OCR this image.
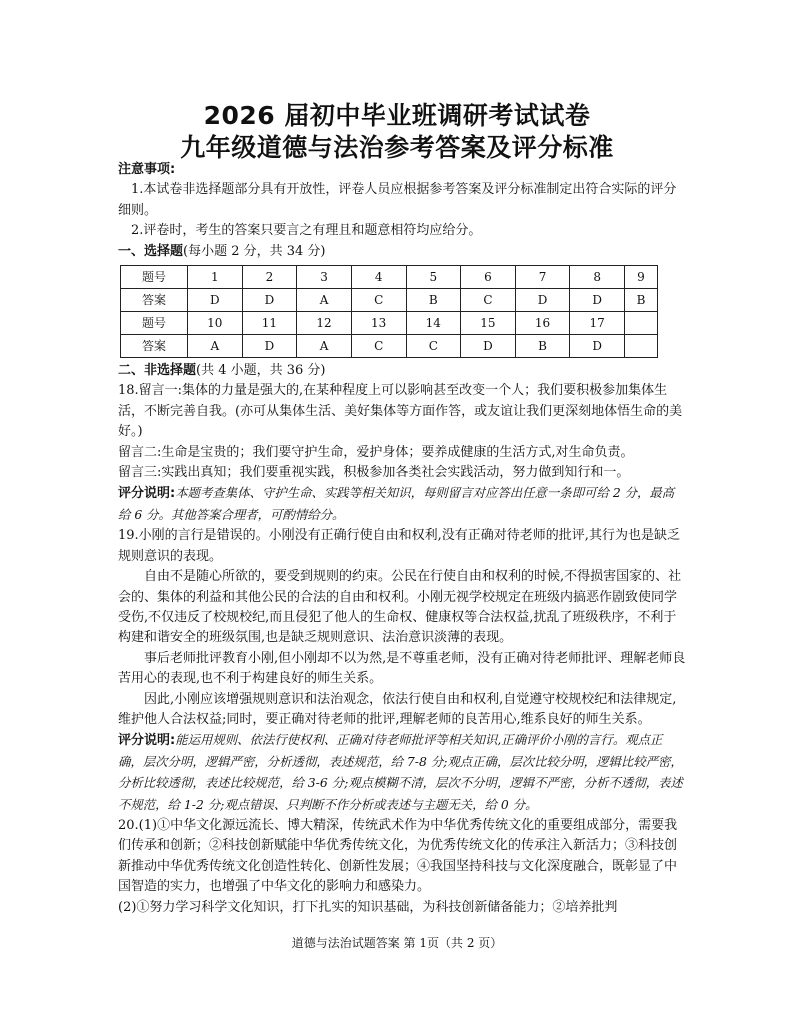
2026 届初中毕业班调研考试试卷
九年级道德与法治参考答案及评分标准

注意事项:

1.本试卷非选择题部分具有开放性，评卷人员应根据参考答案及评分标准制定出符合实际的评分细则。

2.评卷时，考生的答案只要言之有理且和题意相符均应给分。

一、选择题(每小题 2 分，共 34 分)

题号	1	2	3	4	5	6	7	8	9
答案	D	D	A	C	B	C	D	D	B
题号	10	11	12	13	14	15	16	17	
答案	A	D	A	C	C	D	B	D	

二、非选择题(共 4 小题，共 36 分)

18.留言一:集体的力量是强大的,在某种程度上可以影响甚至改变一个人；我们要积极参加集体生活，不断完善自我。(亦可从集体生活、美好集体等方面作答，或友谊让我们更深刻地体悟生命的美好。)

留言二:生命是宝贵的；我们要守护生命，爱护身体；要养成健康的生活方式,对生命负责。

留言三:实践出真知；我们要重视实践，积极参加各类社会实践活动，努力做到知行和一。

评分说明:本题考查集体、守护生命、实践等相关知识，每则留言对应答出任意一条即可给 2 分，最高给 6 分。其他答案合理者，可酌情给分。

19.小刚的言行是错误的。小刚没有正确行使自由和权利,没有正确对待老师的批评,其行为也是缺乏规则意识的表现。

自由不是随心所欲的，要受到规则的约束。公民在行使自由和权利的时候,不得损害国家的、社会的、集体的利益和其他公民的合法的自由和权利。小刚无视学校规定在班级内搞恶作剧致使同学受伤,不仅违反了校规校纪,而且侵犯了他人的生命权、健康权等合法权益,扰乱了班级秩序，不利于构建和谐安全的班级氛围,也是缺乏规则意识、法治意识淡薄的表现。

事后老师批评教育小刚,但小刚却不以为然,是不尊重老师，没有正确对待老师批评、理解老师良苦用心的表现,也不利于构建良好的师生关系。

因此,小刚应该增强规则意识和法治观念，依法行使自由和权利,自觉遵守校规校纪和法律规定,维护他人合法权益;同时，要正确对待老师的批评,理解老师的良苦用心,维系良好的师生关系。

评分说明:能运用规则、依法行使权利、正确对待老师批评等相关知识,正确评价小刚的言行。观点正确，层次分明，逻辑严密，分析透彻，表述规范，给 7-8 分;观点正确，层次比较分明，逻辑比较严密，分析比较透彻，表述比较规范，给 3-6 分;观点模糊不清，层次不分明，逻辑不严密，分析不透彻，表述不规范，给 1-2 分;观点错误、只判断不作分析或表述与主题无关，给 0 分。

20.(1)①中华文化源远流长、博大精深，传统武术作为中华优秀传统文化的重要组成部分，需要我们传承和创新；②科技创新赋能中华优秀传统文化，为优秀传统文化的传承注入新活力；③科技创新推动中华优秀传统文化创造性转化、创新性发展；④我国坚持科技与文化深度融合，既彰显了中国智造的实力，也增强了中华文化的影响力和感染力。

(2)①努力学习科学文化知识，打下扎实的知识基础，为科技创新储备能力；②培养批判

道德与法治试题答案 第 1页（共 2 页）
